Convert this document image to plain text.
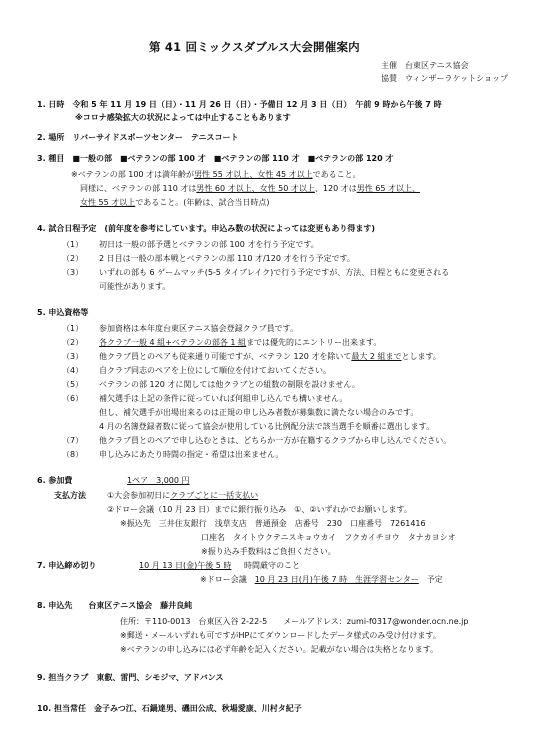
第 41 回ミックスダブルス大会開催案内
主催　台東区テニス協会
協賛　ウィンザーラケットショップ
1. 日時　令和 5 年 11 月 19 日（日）・11 月 26 日（日）・予備日 12 月 3 日（日）　午前 9 時から午後 7 時
※コロナ感染拡大の状況によっては中止することもあります
2. 場所　リバーサイドスポーツセンター　テニスコート
3. 種目　■一般の部　■ベテランの部 100 才　■ベテランの部 110 才　■ベテランの部 120 才
※ベテランの部 100 才は満年齢が男性 55 才以上、女性 45 才以上であること。
同様に、ベテランの部 110 才は男性 60 才以上、女性 50 才以上、120 才は男性 65 才以上、
女性 55 才以上であること。(年齢は、試合当日時点)
4. 試合日程予定　(前年度を参考にしています。申込み数の状況によっては変更もあり得ます)
（1） 初日は一般の部予選とベテランの部 100 才を行う予定です。
（2） 2 日目は一般の部本戦とベテランの部 110 才/120 才を行う予定です。
（3） いずれの部も 6 ゲームマッチ(5-5 タイブレイク)で行う予定ですが、方法、日程ともに変更される
可能性があります。
5. 申込資格等
（1） 参加資格は本年度台東区テニス協会登録クラブ員です。
（2） 各クラブ一般 4 組+ベテランの部各 1 組までは優先的にエントリー出来ます。
（3） 他クラブ員とのペアも従来通り可能ですが、ベテラン 120 才を除いて最大 2 組までとします。
（4） 自クラブ同志のペアを上位にして順位を付けておいてください。
（5） ベテランの部 120 才に関しては他クラブとの組数の制限を設けません。
（6） 補欠選手は上記の条件に従っていれば何組申し込んでも構いません。
但し、補欠選手が出場出来るのは正規の申し込み者数が募集数に満たない場合のみです。
4 月の名簿登録者数に従って協会が使用している比例配分法で該当選手を順番に選出します。
（7） 他クラブ員とのペアで申し込むときは、どちらか一方が在籍するクラブから申し込んでください。
（8） 申し込みにあたり時間の指定・希望は出来ません。
6. 参加費	1ペア　3,000 円
支払方法	①大会参加初日にクラブごとに一括支払い
②ドロー会議（10 月 23 日）までに銀行振り込み　①、②いずれかでお願いします。
※振込先　三井住友銀行　浅草支店　普通預金　店番号　230　口座番号　7261416
口座名　タイトウクテニスキョウカイ　フクカイチヨウ　タナカヨシオ
※振り込み手数料はご負担ください。
7. 申込締め切り	10 月 13 日(金)午後 5 時 時間厳守のこと
※ドロー会議　 10 月 23 日(月)午後 7 時　生涯学習センター　 予定
8. 申込先　　台東区テニス協会　藤井良純
住所：〒110-0013　台東区入谷 2-22-5　　メールアドレス：zumi-f0317@wonder.ocn.ne.jp
※郵送・メールいずれも可ですがHPにてダウンロードしたデータ様式のみ受け付けます。
※ベテランの申し込みには必ず年齢を記入ください。記載がない場合は失格となります。
9. 担当クラブ　東叡、雷門、シモジマ、アドバンス
10. 担当常任　金子みつ江、石鍋達男、磯田公成、秋場愛康、川村タ紀子
